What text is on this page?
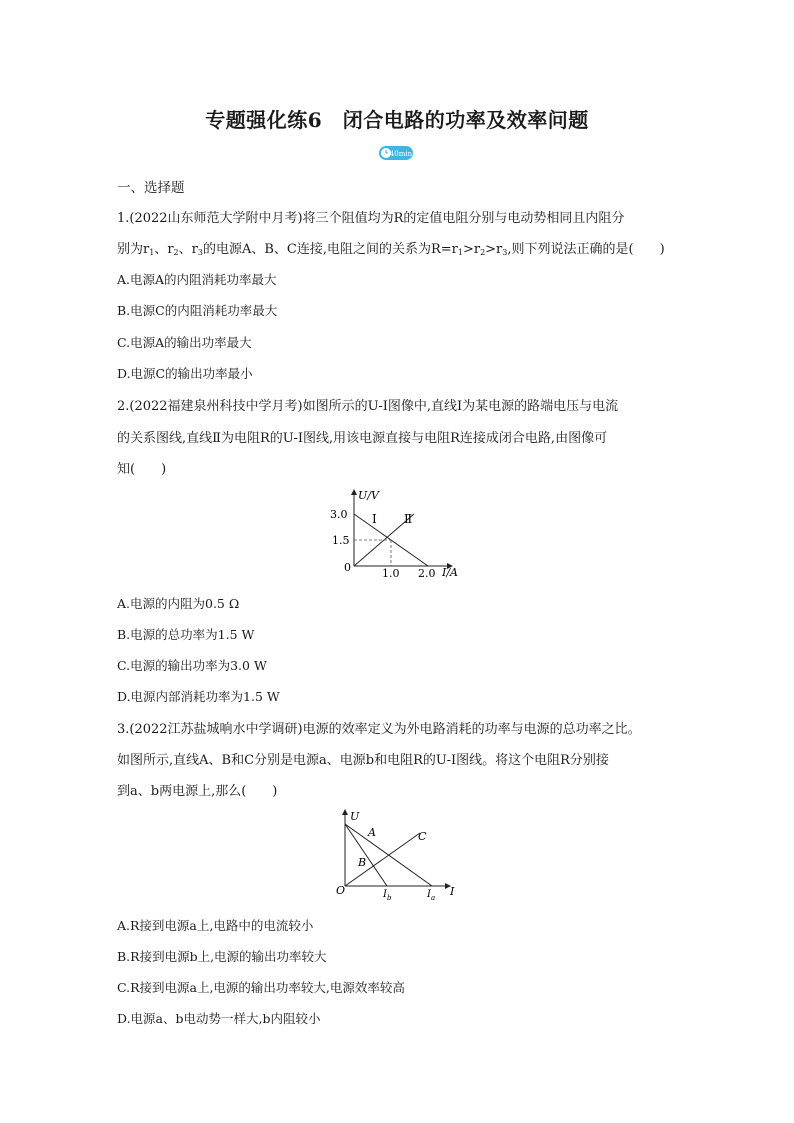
专题强化练6　闭合电路的功率及效率问题
40min
一、选择题
1.(2022山东师范大学附中月考)将三个阻值均为R的定值电阻分别与电动势相同且内阻分
别为$r_1$、$r_2$、$r_3$的电源A、B、C连接,电阻之间的关系为$R=r_1>r_2>r_3$,则下列说法正确的是( )
A.电源A的内阻消耗功率最大
B.电源C的内阻消耗功率最大
C.电源A的输出功率最大
D.电源C的输出功率最小
2.(2022福建泉州科技中学月考)如图所示的U-I图像中,直线Ⅰ为某电源的路端电压与电流
的关系图线,直线Ⅱ为电阻R的U-I图线,用该电源直接与电阻R连接成闭合电路,由图像可
知( )
U/V
I/A
0
3.0
1.5
1.0 2.0
Ⅰ Ⅱ
A.电源的内阻为0.5 Ω
B.电源的总功率为1.5 W
C.电源的输出功率为3.0 W
D.电源内部消耗功率为1.5 W
3.(2022江苏盐城响水中学调研)电源的效率定义为外电路消耗的功率与电源的总功率之比。
如图所示,直线A、B和C分别是电源a、电源b和电阻R的U-I图线。将这个电阻R分别接
到a、b两电源上,那么( )
U
I
O
A
B
C
$I_b$	$I_a$
A.R接到电源a上,电路中的电流较小
B.R接到电源b上,电源的输出功率较大
C.R接到电源a上,电源的输出功率较大,电源效率较高
D.电源a、b电动势一样大,b内阻较小
